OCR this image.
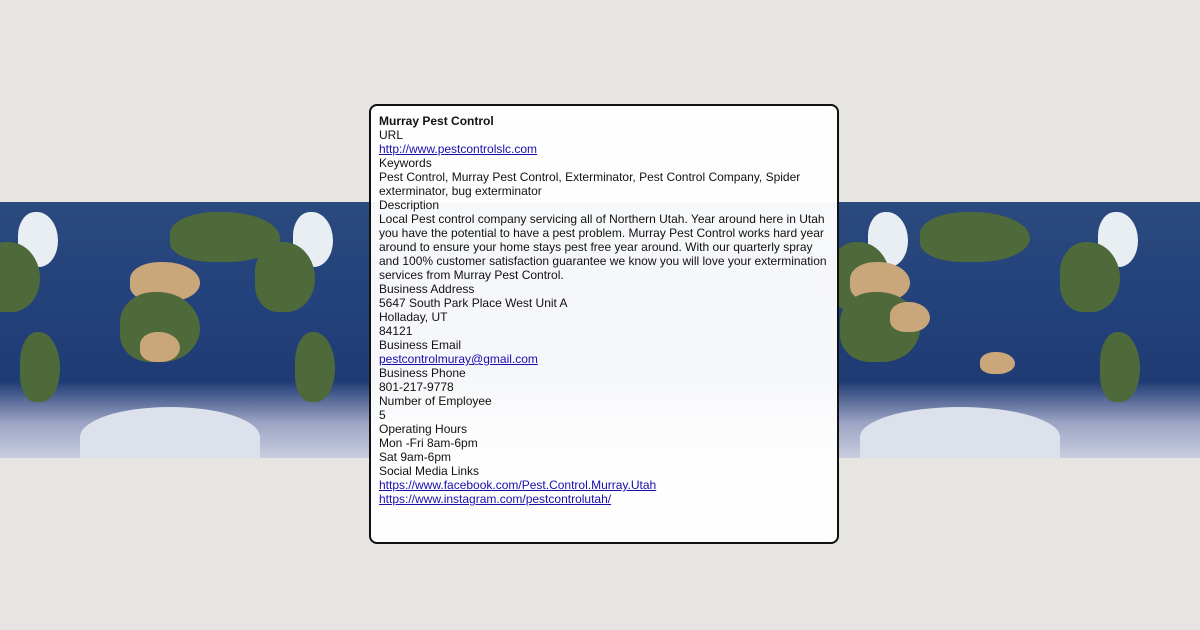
Murray Pest Control
URL
http://www.pestcontrolslc.com
Keywords
Pest Control, Murray Pest Control, Exterminator, Pest Control Company, Spider exterminator, bug exterminator
Description
Local Pest control company servicing all of Northern Utah. Year around here in Utah you have the potential to have a pest problem. Murray Pest Control works hard year around to ensure your home stays pest free year around. With our quarterly spray and 100% customer satisfaction guarantee we know you will love your extermination services from Murray Pest Control.
Business Address
5647 South Park Place West Unit A
Holladay, UT
84121
Business Email
pestcontrolmuray@gmail.com
Business Phone
801-217-9778
Number of Employee
5
Operating Hours
Mon -Fri 8am-6pm
Sat 9am-6pm
Social Media Links
https://www.facebook.com/Pest.Control.Murray.Utah
https://www.instagram.com/pestcontrolutah/
